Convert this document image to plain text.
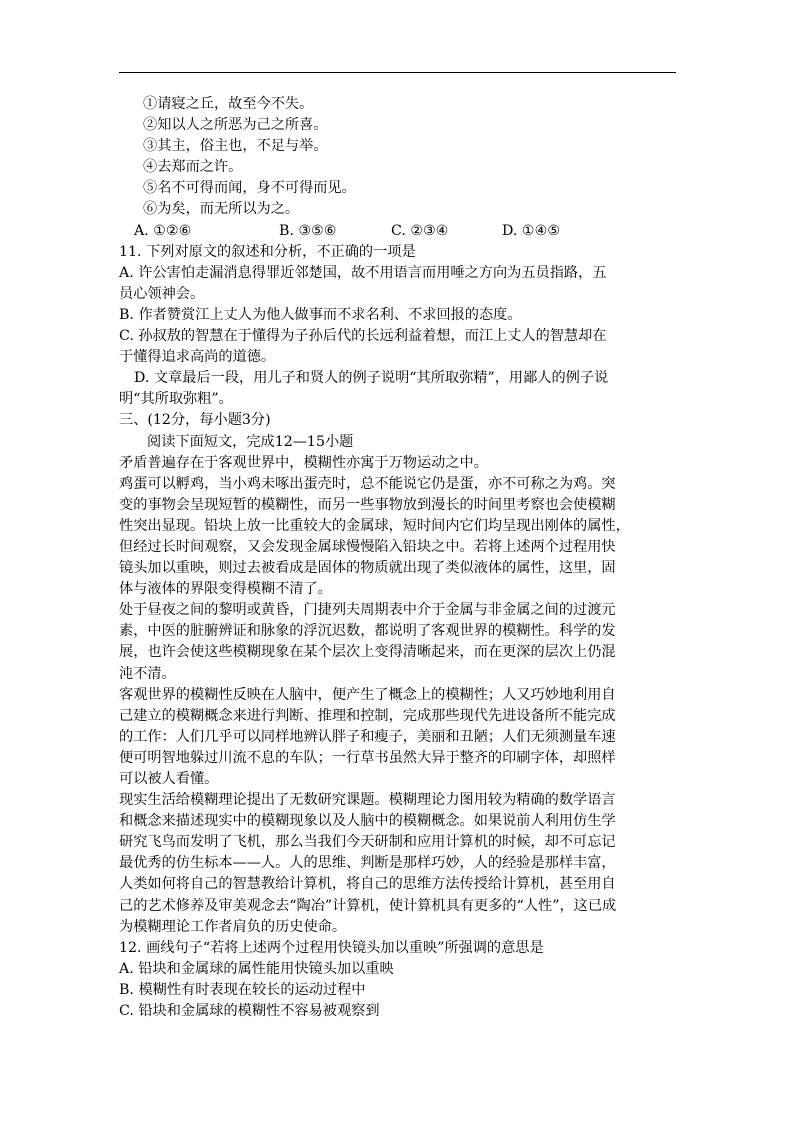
①请寝之丘，故至今不失。
②知以人之所恶为己之所喜。
③其主，俗主也，不足与举。
④去郑而之许。
⑤名不可得而闻，身不可得而见。
⑥为矣，而无所以为之。
A. ①②⑥	B. ③⑤⑥	C. ②③④	D. ①④⑤
11. 下列对原文的叙述和分析，不正确的一项是
A. 许公害怕走漏消息得罪近邻楚国，故不用语言而用唾之方向为五员指路，五
员心领神会。
B. 作者赞赏江上丈人为他人做事而不求名利、不求回报的态度。
C. 孙叔敖的智慧在于懂得为子孙后代的长远利益着想，而江上丈人的智慧却在
于懂得追求高尚的道德。
D. 文章最后一段，用儿子和贤人的例子说明“其所取弥精”，用鄙人的例子说
明“其所取弥粗”。
三、(12分，每小题3分)
阅读下面短文，完成12—15小题
矛盾普遍存在于客观世界中，模糊性亦寓于万物运动之中。
鸡蛋可以孵鸡，当小鸡未啄出蛋壳时，总不能说它仍是蛋，亦不可称之为鸡。突
变的事物会呈现短暂的模糊性，而另一些事物放到漫长的时间里考察也会使模糊
性突出显现。铅块上放一比重较大的金属球，短时间内它们均呈现出刚体的属性，
但经过长时间观察，又会发现金属球慢慢陷入铅块之中。若将上述两个过程用快
镜头加以重映，则过去被看成是固体的物质就出现了类似液体的属性，这里，固
体与液体的界限变得模糊不清了。
处于昼夜之间的黎明或黄昏，门捷列夫周期表中介于金属与非金属之间的过渡元
素，中医的脏腑辨证和脉象的浮沉迟数，都说明了客观世界的模糊性。科学的发
展，也许会使这些模糊现象在某个层次上变得清晰起来，而在更深的层次上仍混
沌不清。
客观世界的模糊性反映在人脑中，便产生了概念上的模糊性；人又巧妙地利用自
己建立的模糊概念来进行判断、推理和控制，完成那些现代先进设备所不能完成
的工作：人们几乎可以同样地辨认胖子和瘦子，美丽和丑陋；人们无须测量车速
便可明智地躲过川流不息的车队；一行草书虽然大异于整齐的印刷字体，却照样
可以被人看懂。
现实生活给模糊理论提出了无数研究课题。模糊理论力图用较为精确的数学语言
和概念来描述现实中的模糊现象以及人脑中的模糊概念。如果说前人利用仿生学
研究飞鸟而发明了飞机，那么当我们今天研制和应用计算机的时候，却不可忘记
最优秀的仿生标本——人。人的思维、判断是那样巧妙，人的经验是那样丰富，
人类如何将自己的智慧教给计算机，将自己的思维方法传授给计算机，甚至用自
己的艺术修养及审美观念去“陶冶”计算机，使计算机具有更多的“人性”，这已成
为模糊理论工作者肩负的历史使命。
12. 画线句子“若将上述两个过程用快镜头加以重映”所强调的意思是
A. 铅块和金属球的属性能用快镜头加以重映
B. 模糊性有时表现在较长的运动过程中
C. 铅块和金属球的模糊性不容易被观察到
